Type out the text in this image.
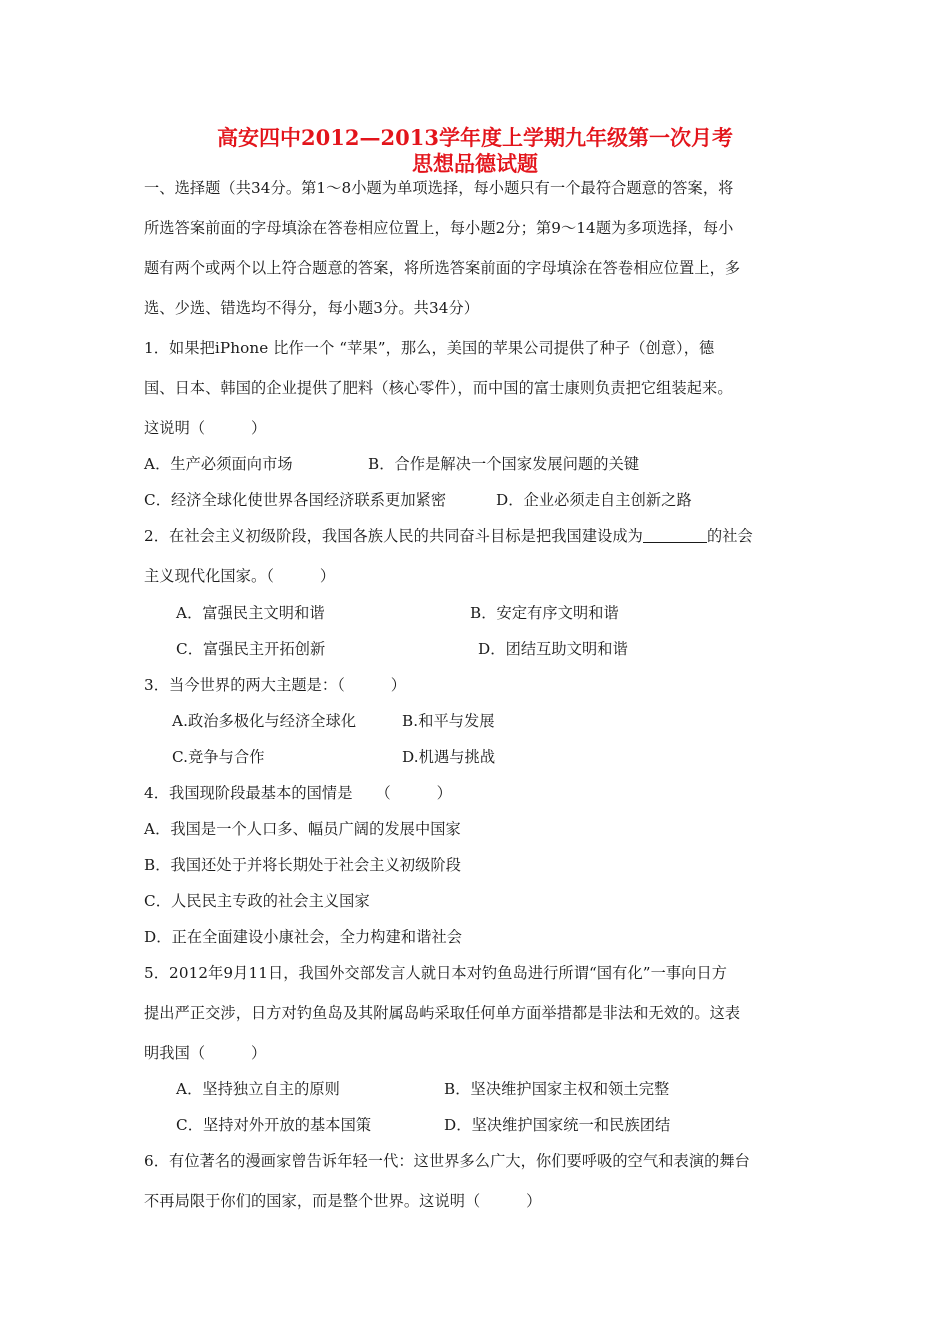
高安四中2012—2013学年度上学期九年级第一次月考
思想品德试题
一、选择题（共34分。第1～8小题为单项选择，每小题只有一个最符合题意的答案，将
所选答案前面的字母填涂在答卷相应位置上，每小题2分；第9～14题为多项选择，每小
题有两个或两个以上符合题意的答案，将所选答案前面的字母填涂在答卷相应位置上，多
选、少选、错选均不得分，每小题3分。共34分）
1．如果把iPhone 比作一个 “苹果”，那么，美国的苹果公司提供了种子（创意），德
国、日本、韩国的企业提供了肥料（核心零件），而中国的富士康则负责把它组装起来。
这说明（　　　）
A．生产必须面向市场	B．合作是解决一个国家发展问题的关键
C．经济全球化使世界各国经济联系更加紧密	D．企业必须走自主创新之路
2．在社会主义初级阶段，我国各族人民的共同奋斗目标是把我国建设成为	的社会
主义现代化国家。（　　　）
A．富强民主文明和谐	B．安定有序文明和谐
C．富强民主开拓创新	D．团结互助文明和谐
3．当今世界的两大主题是：（　　　）
A.政治多极化与经济全球化	B.和平与发展
C.竞争与合作	D.机遇与挑战
4．我国现阶段最基本的国情是　　（　　　）
A．我国是一个人口多、幅员广阔的发展中国家
B．我国还处于并将长期处于社会主义初级阶段
C．人民民主专政的社会主义国家
D．正在全面建设小康社会，全力构建和谐社会
5．2012年9月11日，我国外交部发言人就日本对钓鱼岛进行所谓“国有化”一事向日方
提出严正交涉，日方对钓鱼岛及其附属岛屿采取任何单方面举措都是非法和无效的。这表
明我国（　　　）
A．坚持独立自主的原则	B．坚决维护国家主权和领土完整
C．坚持对外开放的基本国策	D．坚决维护国家统一和民族团结
6．有位著名的漫画家曾告诉年轻一代：这世界多么广大，你们要呼吸的空气和表演的舞台
不再局限于你们的国家，而是整个世界。这说明（　　　）
